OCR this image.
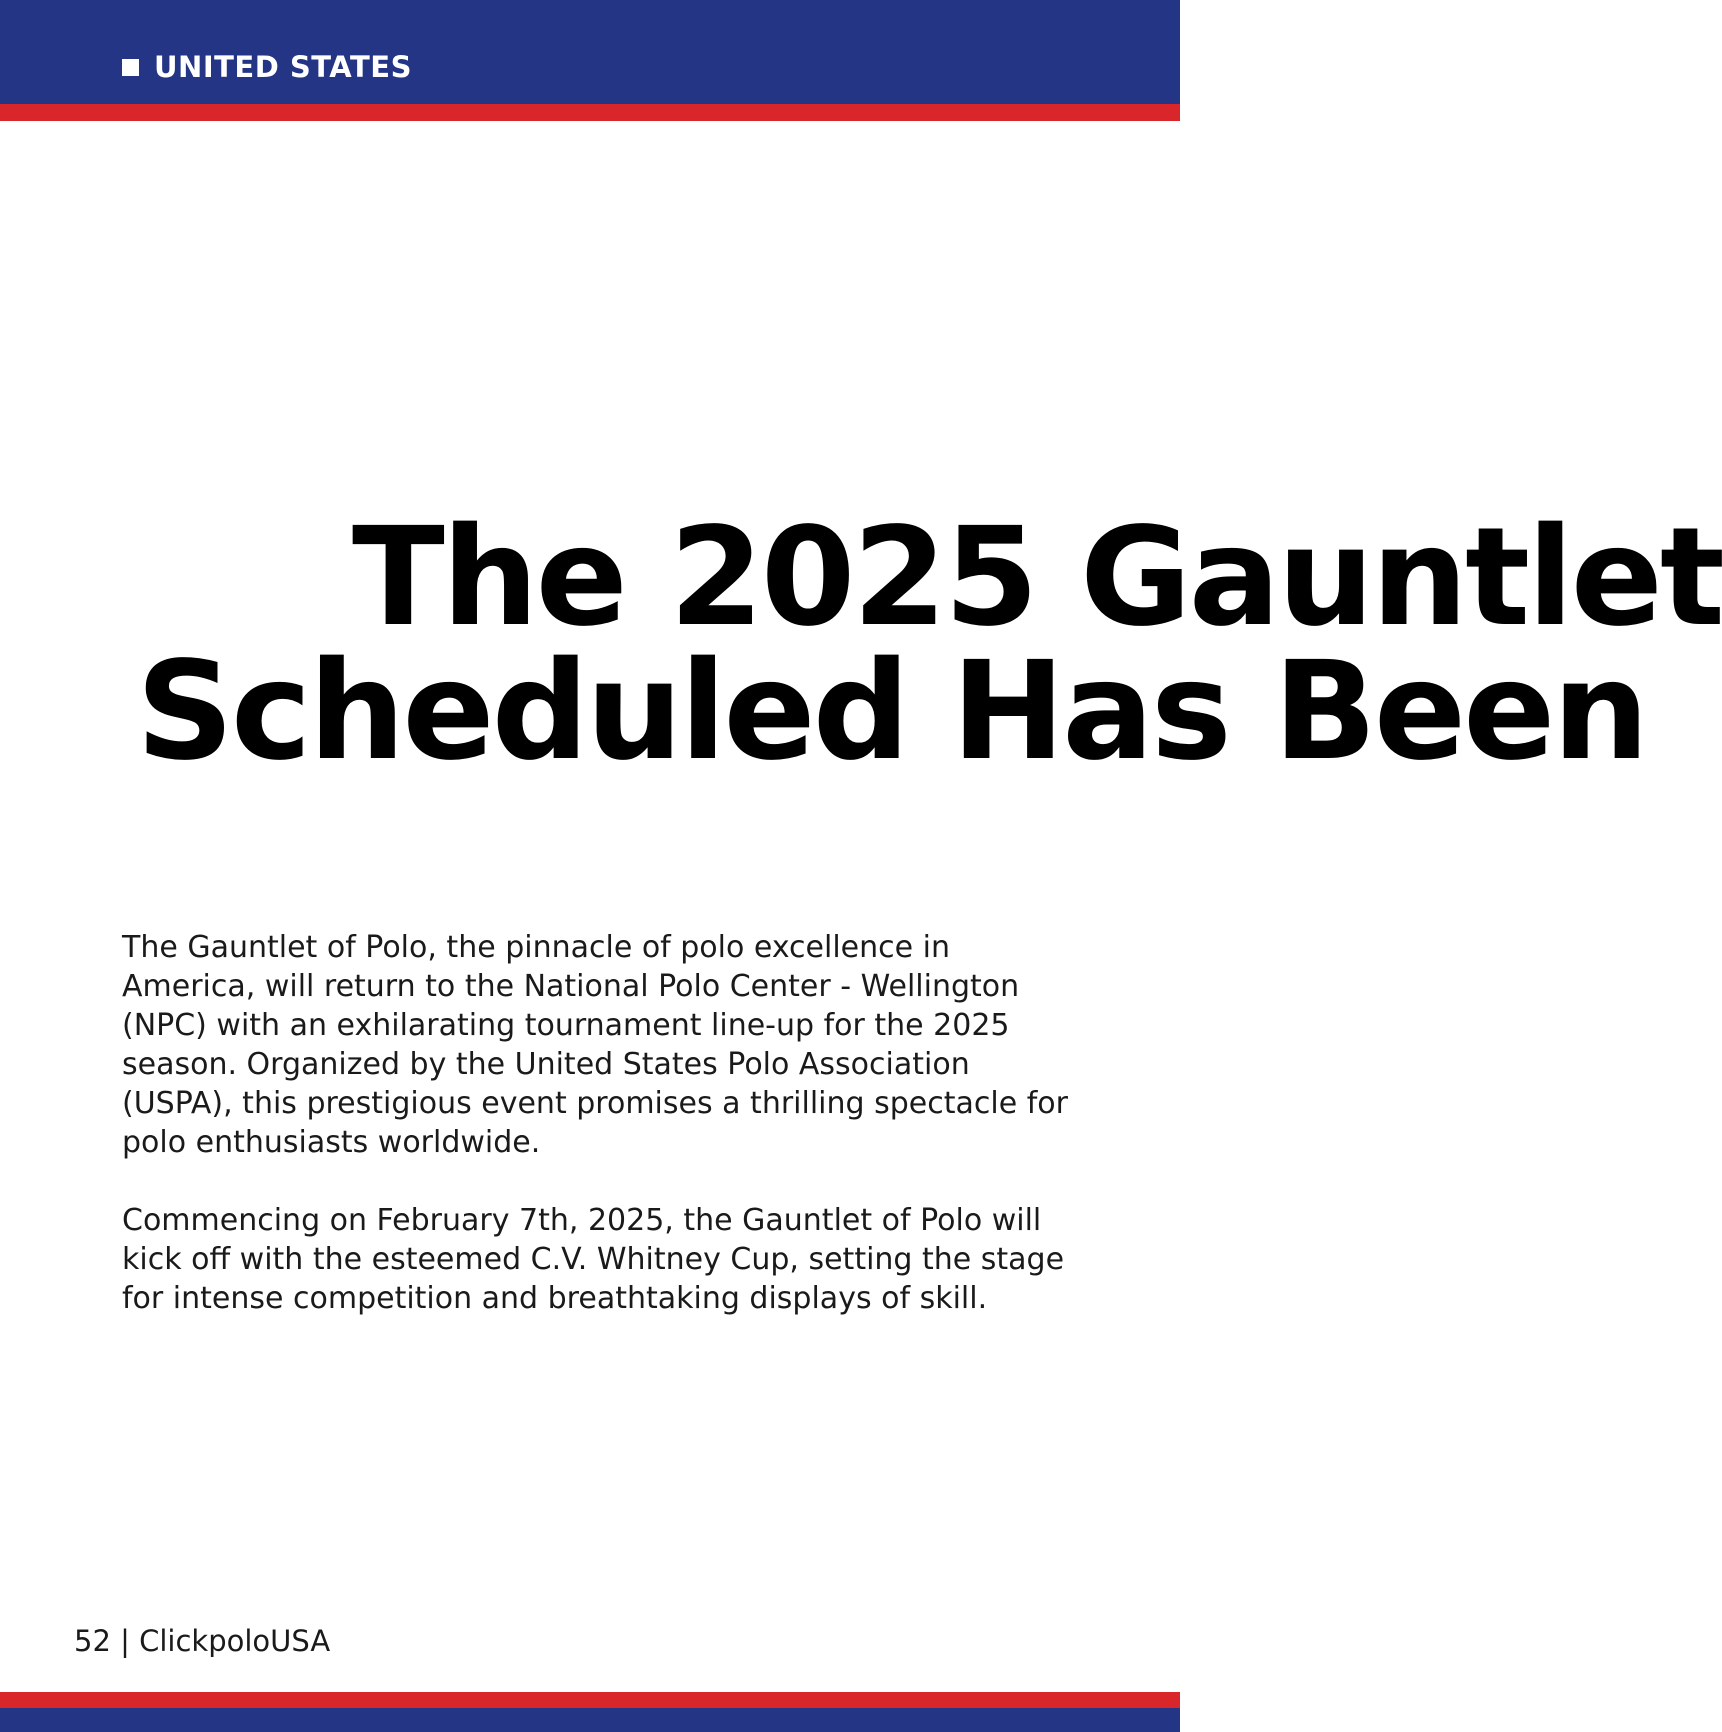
UNITED STATES
The 2025 Gauntlet
Scheduled Has Been

The Gauntlet of Polo, the pinnacle of polo excellence in America, will return to the National Polo Center - Wellington (NPC) with an exhilarating tournament line-up for the 2025 season. Organized by the United States Polo Association (USPA), this prestigious event promises a thrilling spectacle for polo enthusiasts worldwide.

Commencing on February 7th, 2025, the Gauntlet of Polo will kick off with the esteemed C.V. Whitney Cup, setting the stage for intense competition and breathtaking displays of skill.

52 | ClickpoloUSA
